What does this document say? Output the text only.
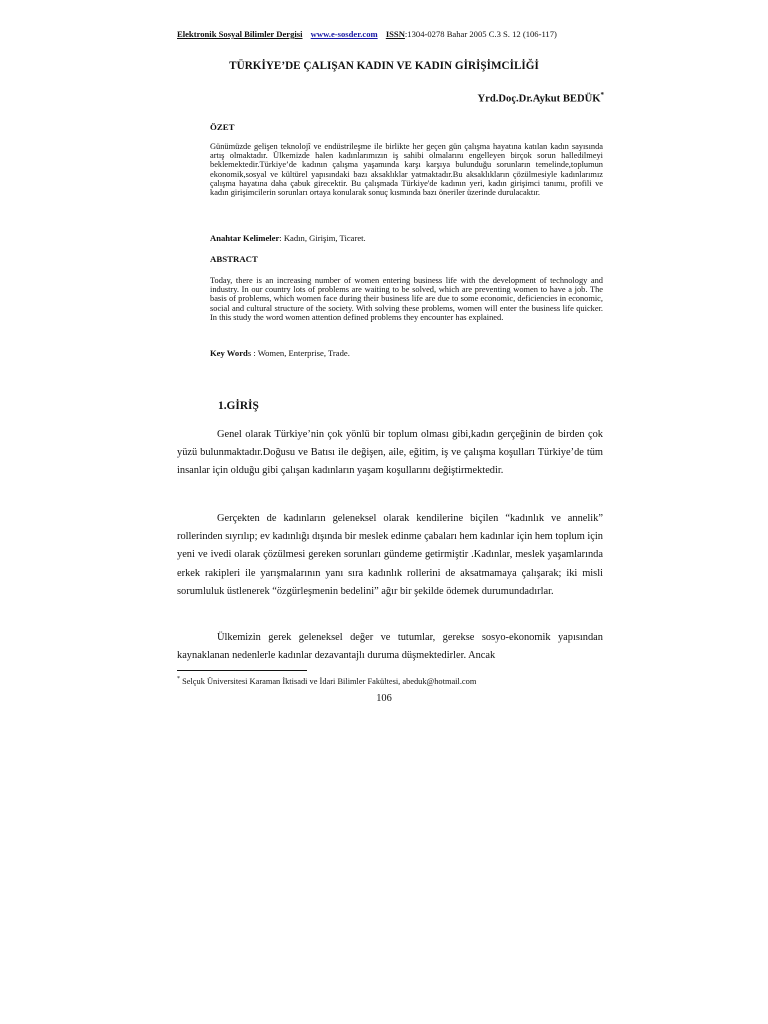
Elektronik Sosyal Bilimler Dergisi www.e-sosder.com ISSN:1304-0278 Bahar 2005 C.3 S. 12 (106-117)
TÜRKİYE’DE ÇALIŞAN KADIN VE KADIN GİRİŞİMCİLİĞİ
Yrd.Doç.Dr.Aykut BEDÜK*
ÖZET
Günümüzde gelişen teknolojî ve endüstrileşme ile birlikte her geçen gün çalışma hayatına katılan kadın sayısında artış olmaktadır. Ülkemizde halen kadınlarımızın iş sahibi olmalarını engelleyen birçok sorun halledilmeyi beklemektedir.Türkiye’de kadının çalışma yaşamında karşı karşıya bulunduğu sorunların temelinde,toplumun ekonomik,sosyal ve kültürel yapısındaki bazı aksaklıklar yatmaktadır.Bu aksaklıkların çözülmesiyle kadınlarımız çalışma hayatına daha çabuk girecektir. Bu çalışmada Türkiye'de kadının yeri, kadın girişimci tanımı, profili ve kadın girişimcilerin sorunları ortaya konularak sonuç kısmında bazı öneriler üzerinde durulacaktır.
Anahtar Kelimeler: Kadın, Girişim, Ticaret.
ABSTRACT
Today, there is an increasing number of women entering business life with the development of technology and industry. In our country lots of problems are waiting to be solved, which are preventing women to have a job. The basis of problems, which women face during their business life are due to some economic, deficiencies in economic, social and cultural structure of the society. With solving these problems, women will enter the business life quicker. In this study the word women attention defined problems they encounter has explained.
Key Words : Women, Enterprise, Trade.
1.GİRİŞ
Genel olarak Türkiye’nin çok yönlü bir toplum olması gibi,kadın gerçeğinin de birden çok yüzü bulunmaktadır.Doğusu ve Batısı ile değişen, aile, eğitim, iş ve çalışma koşulları Türkiye’de tüm insanlar için olduğu gibi çalışan kadınların yaşam koşullarını değiştirmektedir.
Gerçekten de kadınların geleneksel olarak kendilerine biçilen “kadınlık ve annelik” rollerinden sıyrılıp; ev kadınlığı dışında bir meslek edinme çabaları hem kadınlar için hem toplum için yeni ve ivedi olarak çözülmesi gereken sorunları gündeme getirmiştir .Kadınlar, meslek yaşamlarında erkek rakipleri ile yarışmalarının yanı sıra kadınlık rollerini de aksatmamaya çalışarak; iki misli sorumluluk üstlenerek “özgürleşmenin bedelini” ağır bir şekilde ödemek durumundadırlar.
Ülkemizin gerek geleneksel değer ve tutumlar, gerekse sosyo-ekonomik yapısından kaynaklanan nedenlerle kadınlar dezavantajlı duruma düşmektedirler. Ancak
* Selçuk Üniversitesi Karaman İktisadi ve İdari Bilimler Fakültesi, abeduk@hotmail.com
106
